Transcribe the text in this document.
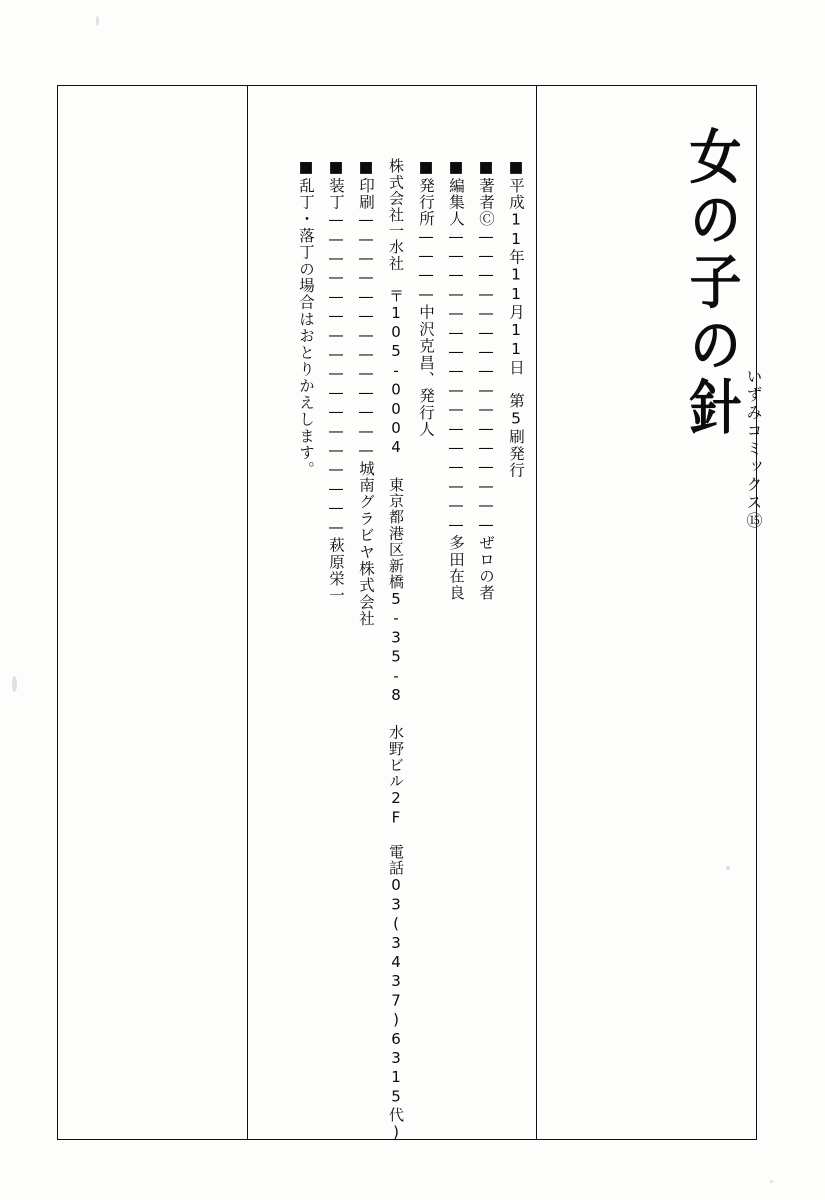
女の子の針
いずみコミックス⑮
■平成11年11月11日　第5刷発行
■著者Ⓒ————————————————ぜロの者
■編集人————————————————多田在良
■発行所————中沢克昌、発行人
株式会社一水社　〒105-0004 東京都港区新橋5-35-8 水野ビル2F　電話03(3437)6315代)
■印刷—————————————城南グラビヤ株式会社
■装丁—————————————————萩原栄一
■乱丁・落丁の場合はおとりかえします。
